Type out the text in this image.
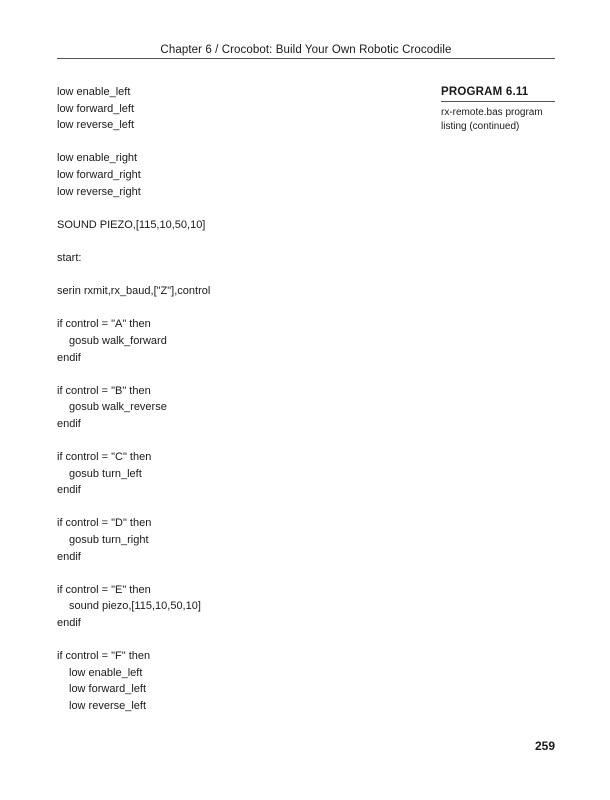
Chapter 6 / Crocobot: Build Your Own Robotic Crocodile
low enable_left
low forward_left
low reverse_left
low enable_right
low forward_right
low reverse_right
SOUND PIEZO,[115,10,50,10]
start:
serin rxmit,rx_baud,["Z"],control
if control = "A" then
gosub walk_forward
endif
if control = "B" then
gosub walk_reverse
endif
if control = "C" then
gosub turn_left
endif
if control = "D" then
gosub turn_right
endif
if control = "E" then
sound piezo,[115,10,50,10]
endif
if control = "F" then
low enable_left
low forward_left
low reverse_left
PROGRAM 6.11
rx-remote.bas program
listing (continued)
259
